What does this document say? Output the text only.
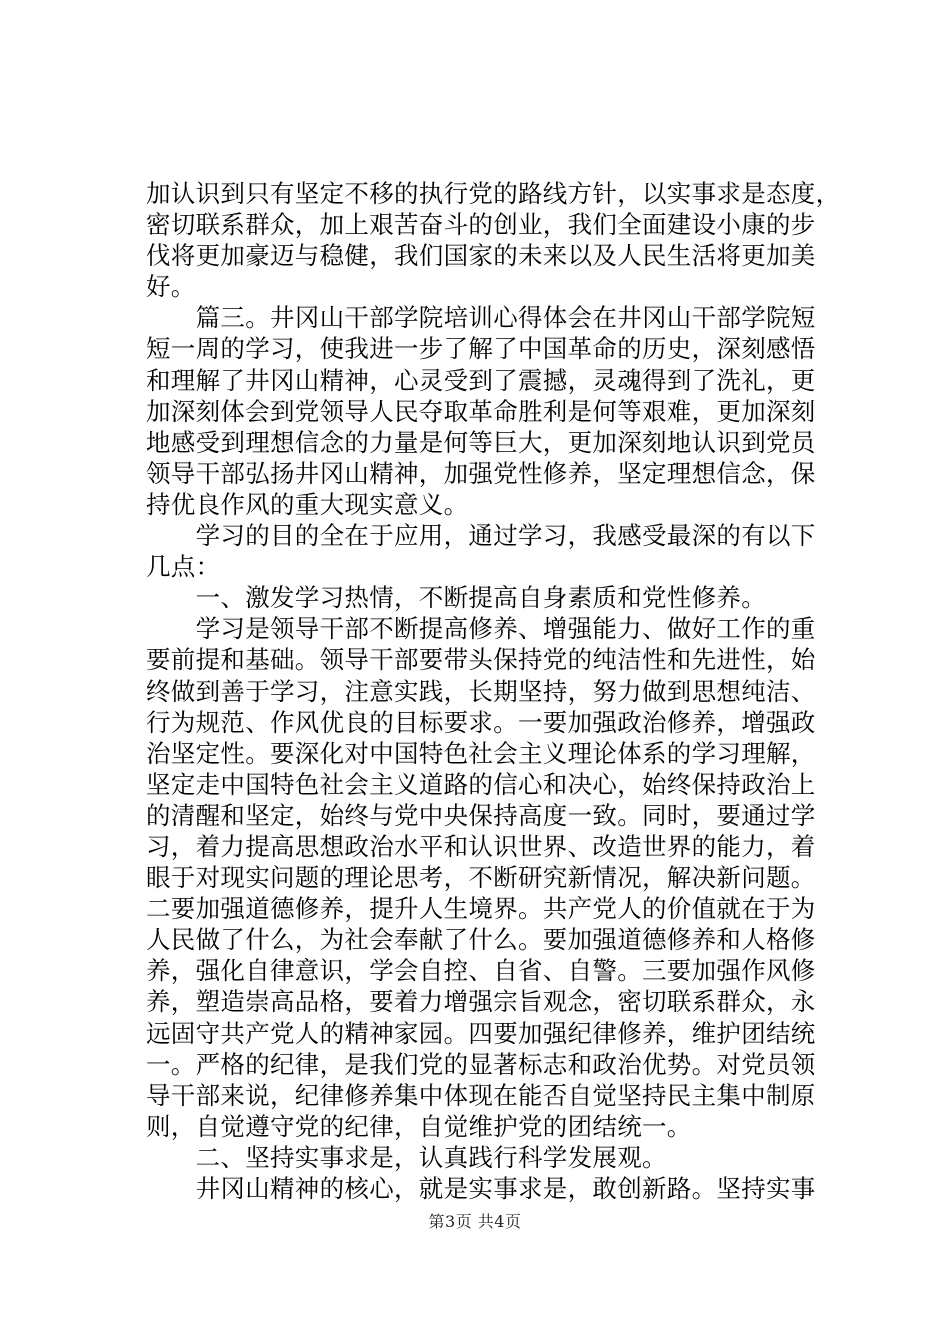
加认识到只有坚定不移的执行党的路线方针，以实事求是态度，
密切联系群众，加上艰苦奋斗的创业，我们全面建设小康的步
伐将更加豪迈与稳健，我们国家的未来以及人民生活将更加美
好。
　　篇三。井冈山干部学院培训心得体会在井冈山干部学院短
短一周的学习，使我进一步了解了中国革命的历史，深刻感悟
和理解了井冈山精神，心灵受到了震撼，灵魂得到了洗礼，更
加深刻体会到党领导人民夺取革命胜利是何等艰难，更加深刻
地感受到理想信念的力量是何等巨大，更加深刻地认识到党员
领导干部弘扬井冈山精神，加强党性修养，坚定理想信念，保
持优良作风的重大现实意义。
　　学习的目的全在于应用，通过学习，我感受最深的有以下
几点：
　　一、激发学习热情，不断提高自身素质和党性修养。
　　学习是领导干部不断提高修养、增强能力、做好工作的重
要前提和基础。领导干部要带头保持党的纯洁性和先进性，始
终做到善于学习，注意实践，长期坚持，努力做到思想纯洁、
行为规范、作风优良的目标要求。一要加强政治修养，增强政
治坚定性。要深化对中国特色社会主义理论体系的学习理解，
坚定走中国特色社会主义道路的信心和决心，始终保持政治上
的清醒和坚定，始终与党中央保持高度一致。同时，要通过学
习，着力提高思想政治水平和认识世界、改造世界的能力，着
眼于对现实问题的理论思考，不断研究新情况，解决新问题。
二要加强道德修养，提升人生境界。共产党人的价值就在于为
人民做了什么，为社会奉献了什么。要加强道德修养和人格修
养，强化自律意识，学会自控、自省、自警。三要加强作风修
养，塑造崇高品格，要着力增强宗旨观念，密切联系群众，永
远固守共产党人的精神家园。四要加强纪律修养，维护团结统
一。严格的纪律，是我们党的显著标志和政治优势。对党员领
导干部来说，纪律修养集中体现在能否自觉坚持民主集中制原
则，自觉遵守党的纪律，自觉维护党的团结统一。
　　二、坚持实事求是，认真践行科学发展观。
　　井冈山精神的核心，就是实事求是，敢创新路。坚持实事
第3页 共4页
